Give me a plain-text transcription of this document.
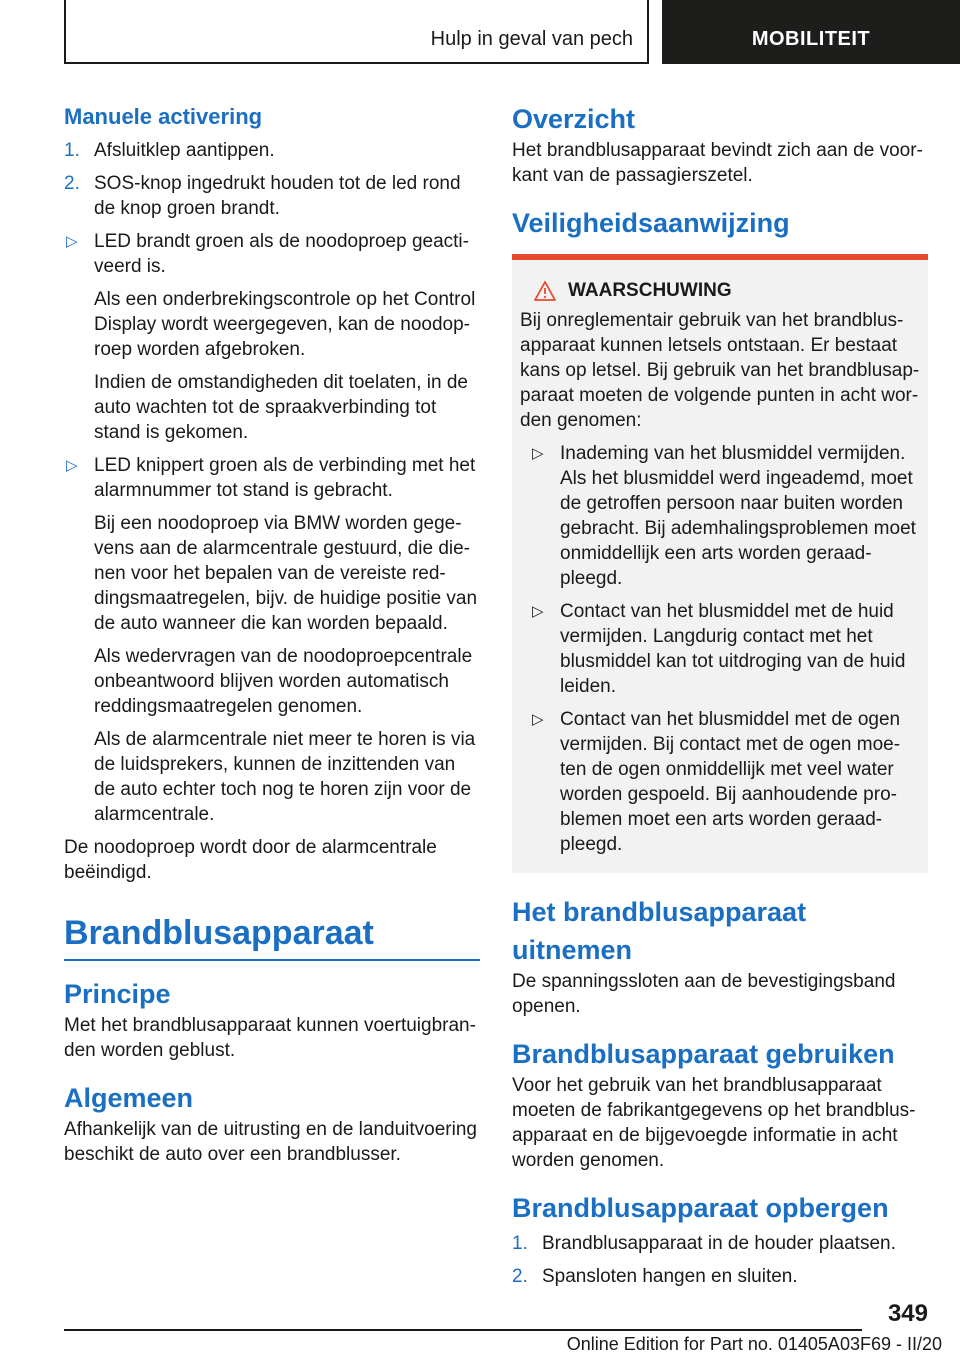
Hulp in geval van pech	MOBILITEIT
Manuele activering
1. Afsluitklep aantippen.
2. SOS-knop ingedrukt houden tot de led rond de knop groen brandt.
▷ LED brandt groen als de noodoproep geacti‐ veerd is.

Als een onderbrekingscontrole op het Control Display wordt weergegeven, kan de noodop‐ roep worden afgebroken.

Indien de omstandigheden dit toelaten, in de auto wachten tot de spraakverbinding tot stand is gekomen.

▷ LED knippert groen als de verbinding met het alarmnummer tot stand is gebracht.

Bij een noodoproep via BMW worden gege‐ vens aan de alarmcentrale gestuurd, die die‐ nen voor het bepalen van de vereiste red‐ dingsmaatregelen, bijv. de huidige positie van de auto wanneer die kan worden bepaald.

Als wedervragen van de noodoproepcentrale onbeantwoord blijven worden automatisch reddingsmaatregelen genomen.

Als de alarmcentrale niet meer te horen is via de luidsprekers, kunnen de inzittenden van de auto echter toch nog te horen zijn voor de alarmcentrale.

De noodoproep wordt door de alarmcentrale beëindigd.

Brandblusapparaat
Principe

Met het brandblusapparaat kunnen voertuigbran‐ den worden geblust.

Algemeen

Afhankelijk van de uitrusting en de landuitvoering beschikt de auto over een brandblusser.

Overzicht

Het brandblusapparaat bevindt zich aan de voor‐ kant van de passagierszetel.

Veiligheidsaanwijzing
WAARSCHUWING

Bij onreglementair gebruik van het brandblus‐ apparaat kunnen letsels ontstaan. Er bestaat kans op letsel. Bij gebruik van het brandblusap‐ paraat moeten de volgende punten in acht wor‐ den genomen:

▷ Inademing van het blusmiddel vermijden. Als het blusmiddel werd ingeademd, moet de getroffen persoon naar buiten worden gebracht. Bij ademhalingsproblemen moet onmiddellijk een arts worden geraad‐ pleegd.
▷ Contact van het blusmiddel met de huid vermijden. Langdurig contact met het blusmiddel kan tot uitdroging van de huid leiden.
▷ Contact van het blusmiddel met de ogen vermijden. Bij contact met de ogen moe‐ ten de ogen onmiddellijk met veel water worden gespoeld. Bij aanhoudende pro‐ blemen moet een arts worden geraad‐ pleegd.
Het brandblusapparaat uitnemen

De spanningssloten aan de bevestigingsband openen.

Brandblusapparaat gebruiken

Voor het gebruik van het brandblusapparaat moeten de fabrikantgegevens op het brandblus‐ apparaat en de bijgevoegde informatie in acht worden genomen.

Brandblusapparaat opbergen
1. Brandblusapparaat in de houder plaatsen.
2. Spansloten hangen en sluiten.
349
Online Edition for Part no. 01405A03F69 - II/20
